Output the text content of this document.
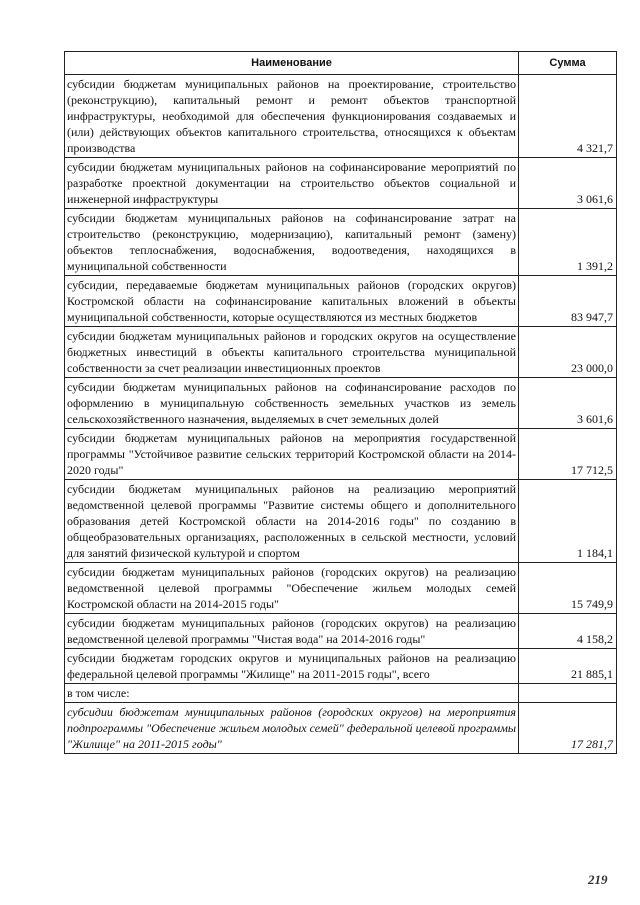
Наименование	Сумма
субсидии бюджетам муниципальных районов на проектирование, строительство (реконструкцию), капитальный ремонт и ремонт объектов транспортной инфраструктуры, необходимой для обеспечения функционирования создаваемых и (или) действующих объектов капитального строительства, относящихся к объектам производства	4 321,7
субсидии бюджетам муниципальных районов на софинансирование мероприятий по разработке проектной документации на строительство объектов социальной и инженерной инфраструктуры	3 061,6
субсидии бюджетам муниципальных районов на софинансирование затрат на строительство (реконструкцию, модернизацию), капитальный ремонт (замену) объектов теплоснабжения, водоснабжения, водоотведения, находящихся в муниципальной собственности	1 391,2
субсидии, передаваемые бюджетам муниципальных районов (городских округов) Костромской области на софинансирование капитальных вложений в объекты муниципальной собственности, которые осуществляются из местных бюджетов	83 947,7
субсидии бюджетам муниципальных районов и городских округов на осуществление бюджетных инвестиций в объекты капитального строительства муниципальной собственности за счет реализации инвестиционных проектов	23 000,0
субсидии бюджетам муниципальных районов на софинансирование расходов по оформлению в муниципальную собственность земельных участков из земель сельскохозяйственного назначения, выделяемых в счет земельных долей	3 601,6
субсидии бюджетам муниципальных районов на мероприятия государственной программы "Устойчивое развитие сельских территорий Костромской области на 2014-2020 годы"	17 712,5
субсидии бюджетам муниципальных районов на реализацию мероприятий ведомственной целевой программы "Развитие системы общего и дополнительного образования детей Костромской области на 2014-2016 годы" по созданию в общеобразовательных организациях, расположенных в сельской местности, условий для занятий физической культурой и спортом	1 184,1
субсидии бюджетам муниципальных районов (городских округов) на реализацию ведомственной целевой программы "Обеспечение жильем молодых семей Костромской области на 2014-2015 годы"	15 749,9
субсидии бюджетам муниципальных районов (городских округов) на реализацию ведомственной целевой программы "Чистая вода" на 2014-2016 годы"	4 158,2
субсидии бюджетам городских округов и муниципальных районов на реализацию федеральной целевой программы "Жилище" на 2011-2015 годы", всего	21 885,1
в том числе:	
субсидии бюджетам муниципальных районов (городских округов) на мероприятия подпрограммы "Обеспечение жильем молодых семей" федеральной целевой программы "Жилище" на 2011-2015 годы"	17 281,7
219
